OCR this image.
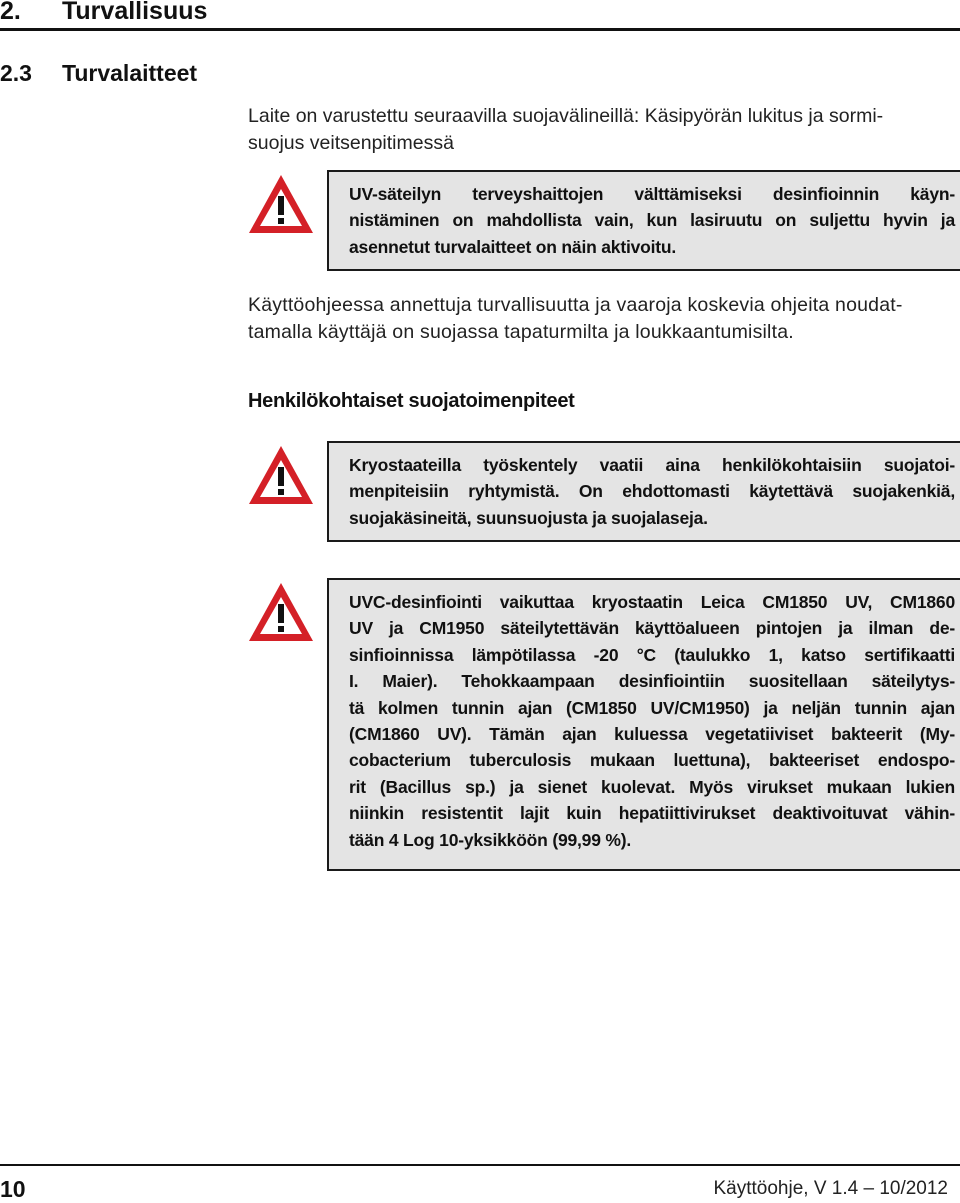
2. Turvallisuus
2.3 Turvalaitteet
Laite on varustettu seuraavilla suojavälineillä: Käsipyörän lukitus ja sormi-
suojus veitsenpitimessä
UV-säteilyn terveyshaittojen välttämiseksi desinfioinnin käyn-
nistäminen on mahdollista vain, kun lasiruutu on suljettu hyvin ja
asennetut turvalaitteet on näin aktivoitu.
Käyttöohjeessa annettuja turvallisuutta ja vaaroja koskevia ohjeita noudat-
tamalla käyttäjä on suojassa tapaturmilta ja loukkaantumisilta.
Henkilökohtaiset suojatoimenpiteet
Kryostaateilla työskentely vaatii aina henkilökohtaisiin suojatoi-
menpiteisiin ryhtymistä. On ehdottomasti käytettävä suojakenkiä,
suojakäsineitä, suunsuojusta ja suojalaseja.
UVC-desinfiointi vaikuttaa kryostaatin Leica CM1850 UV, CM1860
UV ja CM1950 säteilytettävän käyttöalueen pintojen ja ilman de-
sinfioinnissa lämpötilassa -20 °C (taulukko 1, katso sertifikaatti
I. Maier). Tehokkaampaan desinfiointiin suositellaan säteilytys-
tä kolmen tunnin ajan (CM1850 UV/CM1950) ja neljän tunnin ajan
(CM1860 UV). Tämän ajan kuluessa vegetatiiviset bakteerit (My-
cobacterium tuberculosis mukaan luettuna), bakteeriset endospo-
rit (Bacillus sp.) ja sienet kuolevat. Myös virukset mukaan lukien
niinkin resistentit lajit kuin hepatiittivirukset deaktivoituvat vähin-
tään 4 Log 10-yksikköön (99,99 %).
10	Käyttöohje, V 1.4 – 10/2012
